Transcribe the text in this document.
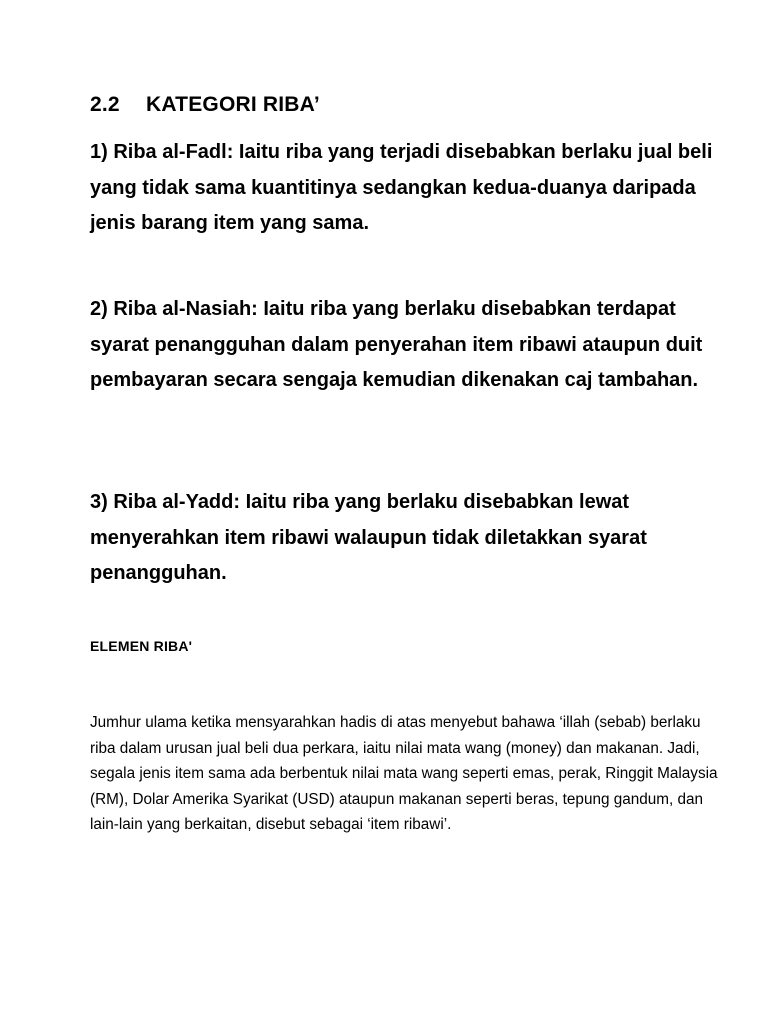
2.2 KATEGORI RIBA’

1) Riba al-Fadl: Iaitu riba yang terjadi disebabkan berlaku jual beli yang tidak sama kuantitinya sedangkan kedua-duanya daripada jenis barang item yang sama.

2) Riba al-Nasiah: Iaitu riba yang berlaku disebabkan terdapat syarat penangguhan dalam penyerahan item ribawi ataupun duit pembayaran secara sengaja kemudian dikenakan caj tambahan.

3) Riba al-Yadd: Iaitu riba yang berlaku disebabkan lewat menyerahkan item ribawi walaupun tidak diletakkan syarat penangguhan.

ELEMEN RIBA'

Jumhur ulama ketika mensyarahkan hadis di atas menyebut bahawa ‘illah (sebab) berlaku riba dalam urusan jual beli dua perkara, iaitu nilai mata wang (money) dan makanan. Jadi, segala jenis item sama ada berbentuk nilai mata wang seperti emas, perak, Ringgit Malaysia (RM), Dolar Amerika Syarikat (USD) ataupun makanan seperti beras, tepung gandum, dan lain-lain yang berkaitan, disebut sebagai ‘item ribawi’.
